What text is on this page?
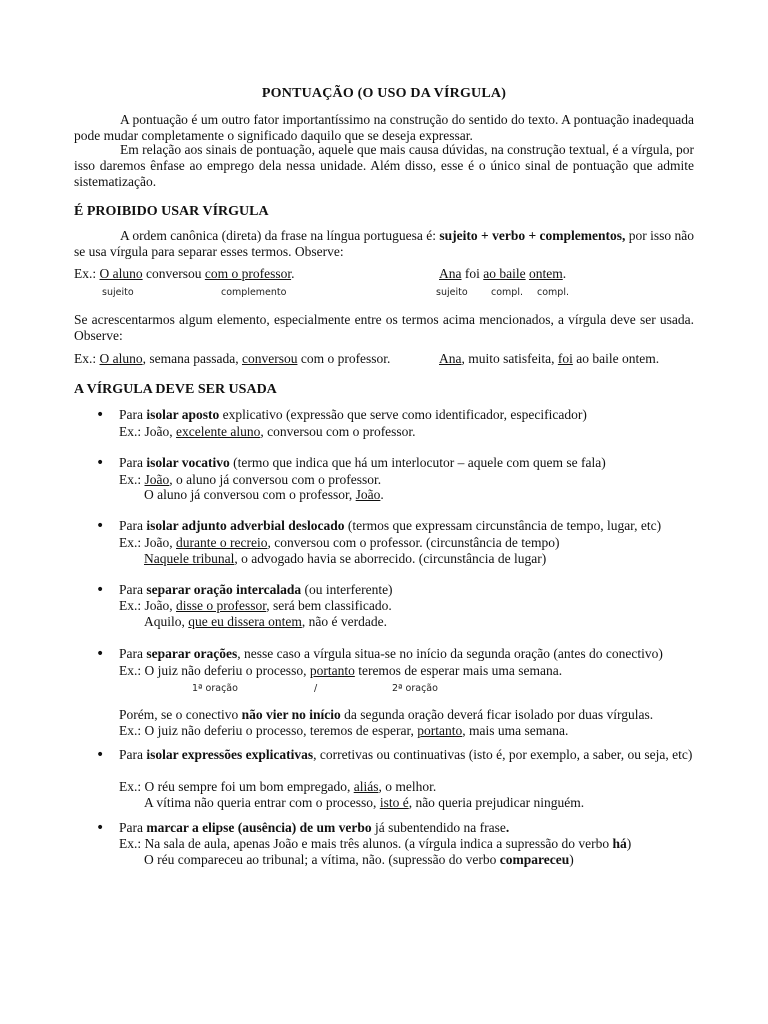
PONTUAÇÃO (O USO DA VÍRGULA)
A pontuação é um outro fator importantíssimo na construção do sentido do texto. A pontuação inadequada pode mudar completamente o significado daquilo que se deseja expressar.
Em relação aos sinais de pontuação, aquele que mais causa dúvidas, na construção textual, é a vírgula, por isso daremos ênfase ao emprego dela nessa unidade. Além disso, esse é o único sinal de pontuação que admite sistematização.
É PROIBIDO USAR VÍRGULA
A ordem canônica (direta) da frase na língua portuguesa é: sujeito + verbo + complementos, por isso não se usa vírgula para separar esses termos. Observe:
Ex.: O aluno conversou com o professor.	Ana foi ao baile ontem.
sujeito	complemento	sujeito compl. compl.
Se acrescentarmos algum elemento, especialmente entre os termos acima mencionados, a vírgula deve ser usada. Observe:
Ex.: O aluno, semana passada, conversou com o professor.	Ana, muito satisfeita, foi ao baile ontem.
A VÍRGULA DEVE SER USADA
• Para isolar aposto explicativo (expressão que serve como identificador, especificador)
Ex.: João, excelente aluno, conversou com o professor.
• Para isolar vocativo (termo que indica que há um interlocutor – aquele com quem se fala)
Ex.: João, o aluno já conversou com o professor.
O aluno já conversou com o professor, João.
• Para isolar adjunto adverbial deslocado (termos que expressam circunstância de tempo, lugar, etc)
Ex.: João, durante o recreio, conversou com o professor. (circunstância de tempo)
Naquele tribunal, o advogado havia se aborrecido. (circunstância de lugar)
• Para separar oração intercalada (ou interferente)
Ex.: João, disse o professor, será bem classificado.
Aquilo, que eu dissera ontem, não é verdade.
• Para separar orações, nesse caso a vírgula situa-se no início da segunda oração (antes do conectivo)
Ex.: O juiz não deferiu o processo, portanto teremos de esperar mais uma semana.
1ª oração	/	2ª oração
Porém, se o conectivo não vier no início da segunda oração deverá ficar isolado por duas vírgulas.
Ex.: O juiz não deferiu o processo, teremos de esperar, portanto, mais uma semana.
• Para isolar expressões explicativas, corretivas ou continuativas (isto é, por exemplo, a saber, ou seja, etc)
Ex.: O réu sempre foi um bom empregado, aliás, o melhor.
A vítima não queria entrar com o processo, isto é, não queria prejudicar ninguém.
• Para marcar a elipse (ausência) de um verbo já subentendido na frase.
Ex.: Na sala de aula, apenas João e mais três alunos. (a vírgula indica a supressão do verbo há)
O réu compareceu ao tribunal; a vítima, não. (supressão do verbo compareceu)
